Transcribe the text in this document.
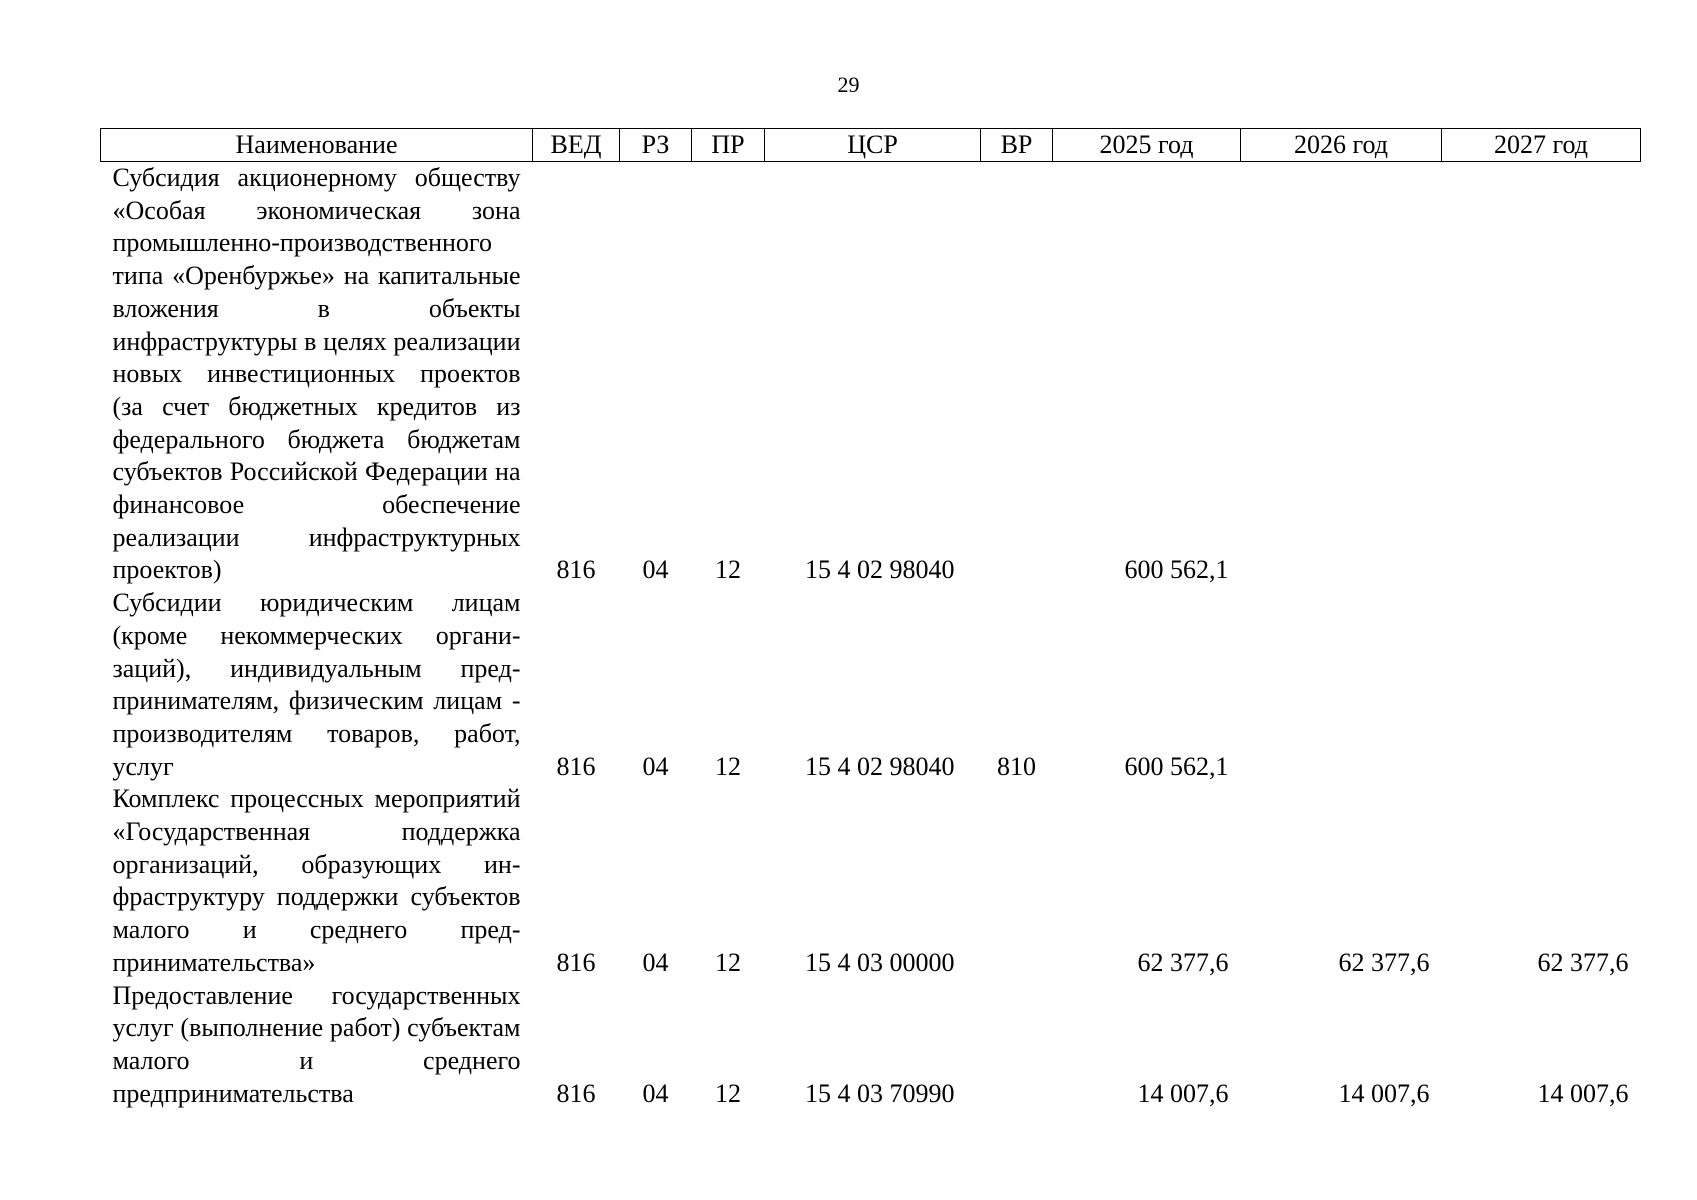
29
Наименование	ВЕД	РЗ	ПР	ЦСР	ВР	2025 год	2026 год	2027 год
Субсидия акционерному обществу «Особая экономическая зона промышленно-производственного типа «Оренбуржье» на капитальные вложения в объекты инфраструктуры в целях реализации новых инвестиционных проектов (за счет бюджетных кредитов из федерального бюджета бюджетам субъектов Российской Федерации на финансовое обеспечение реализации инфраструктурных проектов)	816	04	12	15 4 02 98040		600 562,1		
Субсидии юридическим лицам (кроме некоммерческих организаций), индивидуальным предпринимателям, физическим лицам - производителям товаров, работ, услуг	816	04	12	15 4 02 98040	810	600 562,1		
Комплекс процессных мероприятий «Государственная поддержка организаций, образующих инфраструктуру поддержки субъектов малого и среднего предпринимательства»	816	04	12	15 4 03 00000		62 377,6	62 377,6	62 377,6
Предоставление государственных услуг (выполнение работ) субъектам малого и среднего предпринимательства	816	04	12	15 4 03 70990		14 007,6	14 007,6	14 007,6
